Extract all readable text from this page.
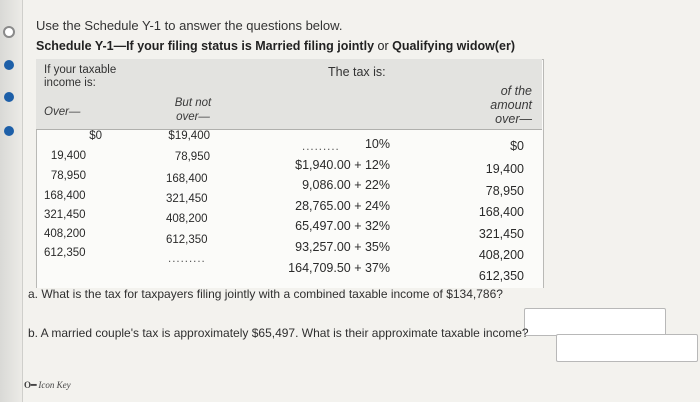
Use the Schedule Y-1 to answer the questions below.
Schedule Y-1—If your filing status is Married filing jointly or Qualifying widow(er)
If your taxable income is:
The tax is:
Over—
But not over—
of the amount over—
$0
19,400
78,950
168,400
321,450
408,200
612,350
$19,400
78,950
168,400
321,450
408,200
612,350
.........
.........	10%
$1,940.00 + 12%
9,086.00 + 22%
28,765.00 + 24%
65,497.00 + 32%
93,257.00 + 35%
164,709.50 + 37%
$0
19,400
78,950
168,400
321,450
408,200
612,350
a. What is the tax for taxpayers filing jointly with a combined taxable income of $134,786?
b. A married couple's tax is approximately $65,497. What is their approximate taxable income?
O━ Icon Key
